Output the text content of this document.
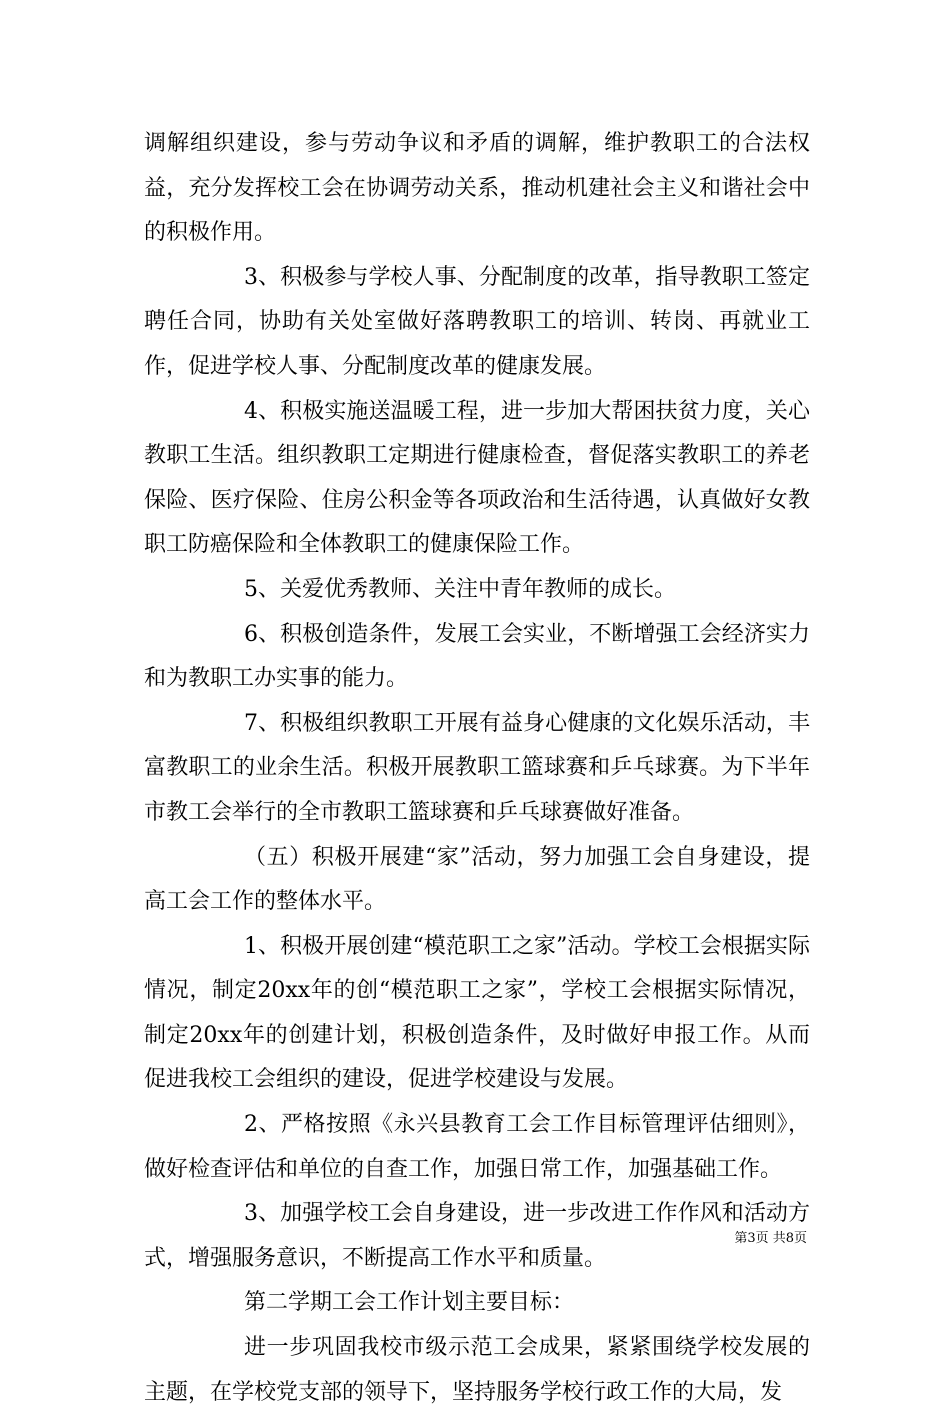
调解组织建设，参与劳动争议和矛盾的调解，维护教职工的合法权益，充分发挥校工会在协调劳动关系，推动机建社会主义和谐社会中的积极作用。

3、积极参与学校人事、分配制度的改革，指导教职工签定聘任合同，协助有关处室做好落聘教职工的培训、转岗、再就业工作，促进学校人事、分配制度改革的健康发展。

4、积极实施送温暖工程，进一步加大帮困扶贫力度，关心教职工生活。组织教职工定期进行健康检查，督促落实教职工的养老保险、医疗保险、住房公积金等各项政治和生活待遇，认真做好女教职工防癌保险和全体教职工的健康保险工作。

5、关爱优秀教师、关注中青年教师的成长。

6、积极创造条件，发展工会实业，不断增强工会经济实力和为教职工办实事的能力。

7、积极组织教职工开展有益身心健康的文化娱乐活动，丰富教职工的业余生活。积极开展教职工篮球赛和乒乓球赛。为下半年市教工会举行的全市教职工篮球赛和乒乓球赛做好准备。

（五）积极开展建“家”活动，努力加强工会自身建设，提高工会工作的整体水平。

1、积极开展创建“模范职工之家”活动。学校工会根据实际情况，制定20xx年的创“模范职工之家”，学校工会根据实际情况，制定20xx年的创建计划，积极创造条件，及时做好申报工作。从而促进我校工会组织的建设，促进学校建设与发展。

2、严格按照《永兴县教育工会工作目标管理评估细则》，做好检查评估和单位的自查工作，加强日常工作，加强基础工作。

3、加强学校工会自身建设，进一步改进工作作风和活动方式，增强服务意识，不断提高工作水平和质量。

第二学期工会工作计划主要目标：

进一步巩固我校市级示范工会成果，紧紧围绕学校发展的主题，在学校党支部的领导下，坚持服务学校行政工作的大局，发

第3页 共8页
